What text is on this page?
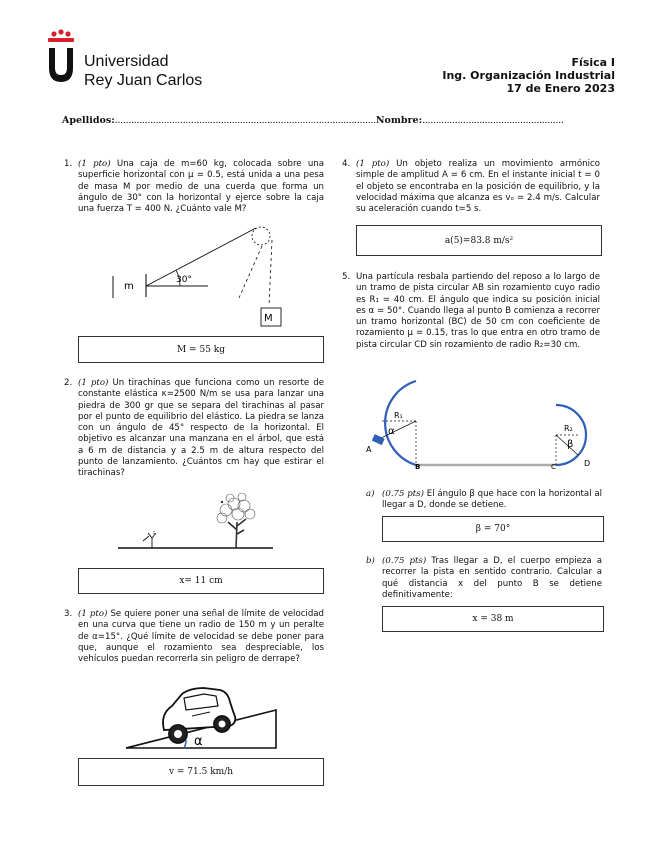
Universidad
Rey Juan Carlos
Física I
Ing. Organización Industrial
17 de Enero 2023
Apellidos:................................................................................................Nombre:....................................................
1. (1 pto) Una caja de m=60 kg, colocada sobre una superficie horizontal con μ = 0.5, está unida a una pesa de masa M por medio de una cuerda que forma un ángulo de 30° con la horizontal y ejerce sobre la caja una fuerza T = 400 N. ¿Cuánto vale M?
m
30°
M
M = 55 kg
2. (1 pto) Un tirachinas que funciona como un resorte de constante elástica κ=2500 N/m se usa para lanzar una piedra de 300 gr que se separa del tirachinas al pasar por el punto de equilibrio del elástico. La piedra se lanza con un ángulo de 45° respecto de la horizontal. El objetivo es alcanzar una manzana en el árbol, que está a 6 m de distancia y a 2.5 m de altura respecto del punto de lanzamiento. ¿Cuántos cm hay que estirar el tirachinas?
x= 11 cm
3. (1 pto) Se quiere poner una señal de límite de velocidad en una curva que tiene un radio de 150 m y un peralte de α=15°. ¿Qué límite de velocidad se debe poner para que, aunque el rozamiento sea despreciable, los vehículos puedan recorrerla sin peligro de derrape?
α
v = 71.5 km/h
4. (1 pto) Un objeto realiza un movimiento armónico simple de amplitud A = 6 cm. En el instante inicial t = 0 el objeto se encontraba en la posición de equilibrio, y la velocidad máxima que alcanza es vₒ = 2.4 m/s. Calcular su aceleración cuando t=5 s.
a(5)=83.8 m/s²
5. Una partícula resbala partiendo del reposo a lo largo de un tramo de pista circular AB sin rozamiento cuyo radio es R₁ = 40 cm. El ángulo que indica su posición inicial es α = 50°. Cuando llega al punto B comienza a recorrer un tramo horizontal (BC) de 50 cm con coeficiente de rozamiento μ = 0.15, tras lo que entra en otro tramo de pista circular CD sin rozamiento de radio R₂=30 cm.
R₁
α
A
B
R₂
β
C	D
a) (0.75 pts) El ángulo β que hace con la horizontal al llegar a D, donde se detiene.
β = 70°
b) (0.75 pts) Tras llegar a D, el cuerpo empieza a recorrer la pista en sentido contrario. Calcular a qué distancia x del punto B se detiene definitivamente:
x = 38 m
